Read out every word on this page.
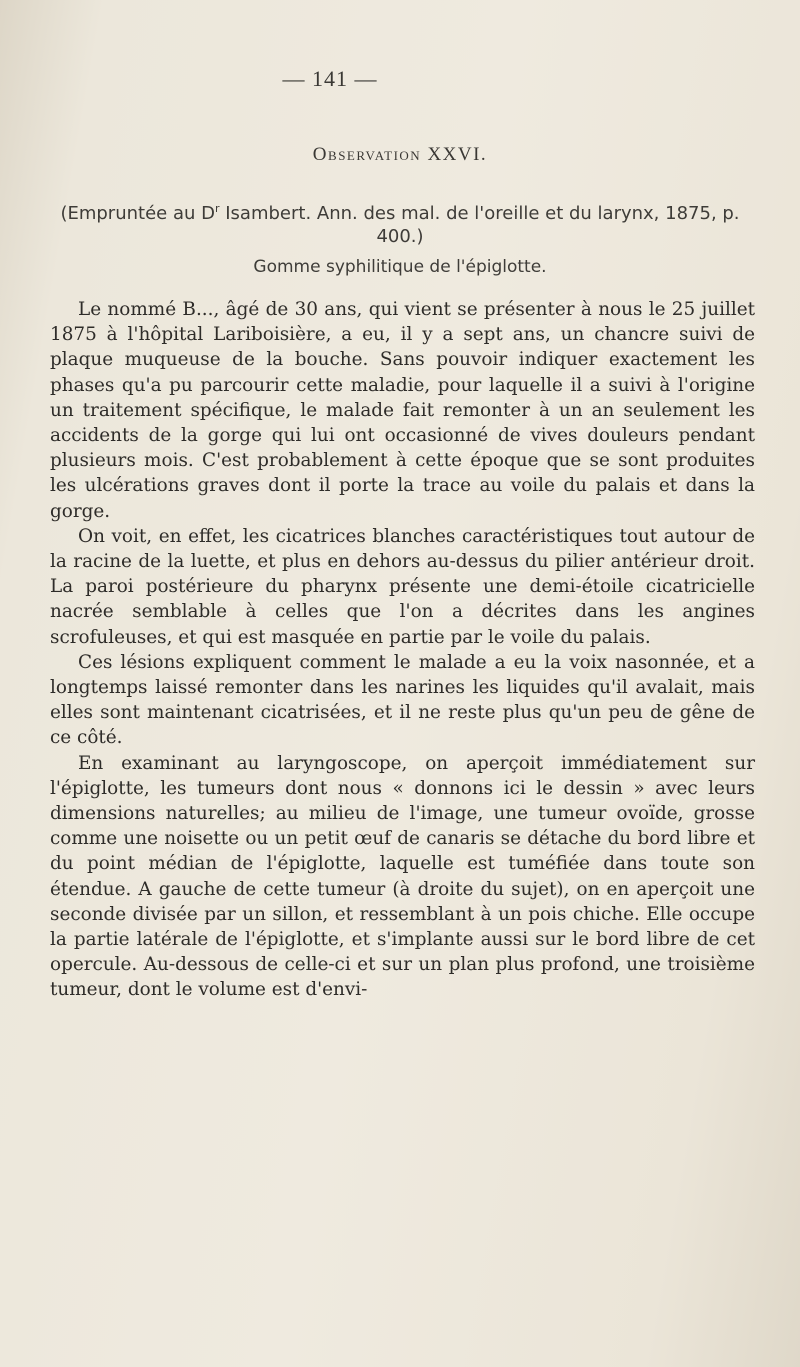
— 141 —
Observation XXVI.
(Empruntée au $D^r$ Isambert. Ann. des mal. de l'oreille et du larynx, 1875, p. 400.)
Gomme syphilitique de l'épiglotte.

Le nommé B..., âgé de 30 ans, qui vient se présenter à nous le 25 juillet 1875 à l'hôpital Lariboisière, a eu, il y a sept ans, un chancre suivi de plaque muqueuse de la bouche. Sans pouvoir indiquer exactement les phases qu'a pu parcourir cette maladie, pour laquelle il a suivi à l'origine un traitement spécifique, le malade fait remonter à un an seulement les accidents de la gorge qui lui ont occasionné de vives douleurs pendant plusieurs mois. C'est probablement à cette époque que se sont produites les ulcérations graves dont il porte la trace au voile du palais et dans la gorge.

On voit, en effet, les cicatrices blanches caractéristiques tout autour de la racine de la luette, et plus en dehors au-dessus du pilier antérieur droit. La paroi postérieure du pharynx présente une demi-étoile cicatricielle nacrée semblable à celles que l'on a décrites dans les angines scrofuleuses, et qui est masquée en partie par le voile du palais.

Ces lésions expliquent comment le malade a eu la voix nasonnée, et a longtemps laissé remonter dans les narines les liquides qu'il avalait, mais elles sont maintenant cicatrisées, et il ne reste plus qu'un peu de gêne de ce côté.

En examinant au laryngoscope, on aperçoit immédiatement sur l'épiglotte, les tumeurs dont nous « donnons ici le dessin » avec leurs dimensions naturelles; au milieu de l'image, une tumeur ovoïde, grosse comme une noisette ou un petit œuf de canaris se détache du bord libre et du point médian de l'épiglotte, laquelle est tuméfiée dans toute son étendue. A gauche de cette tumeur (à droite du sujet), on en aperçoit une seconde divisée par un sillon, et ressemblant à un pois chiche. Elle occupe la partie latérale de l'épiglotte, et s'implante aussi sur le bord libre de cet opercule. Au-dessous de celle-ci et sur un plan plus profond, une troisième tumeur, dont le volume est d'envi-
